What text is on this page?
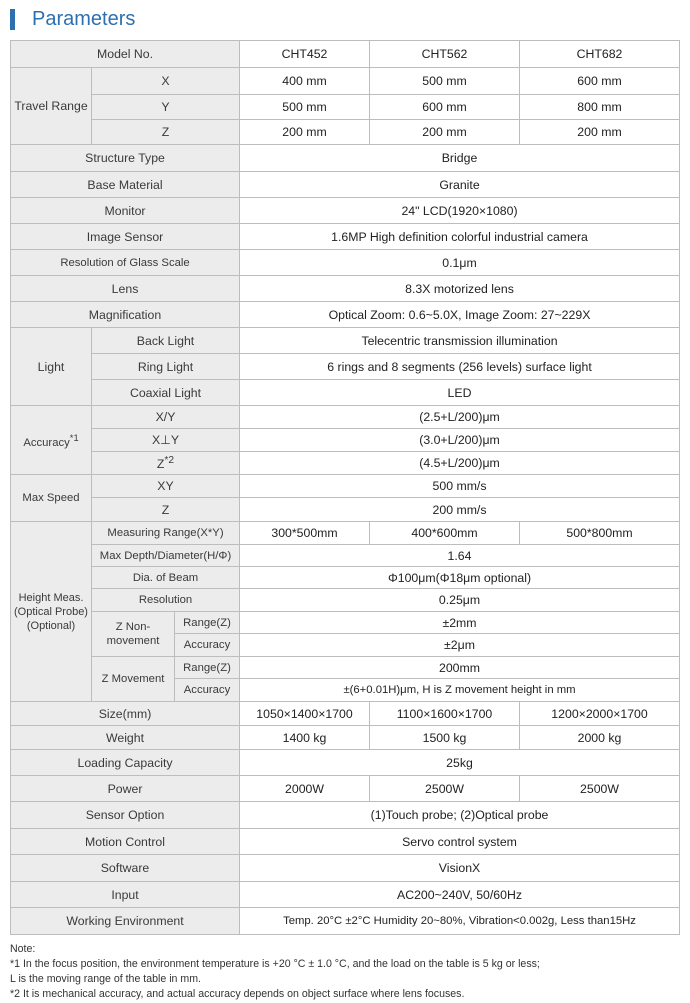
Parameters
Model No.			CHT452	CHT562	CHT682
Travel Range	X		400 mm	500 mm	600 mm
	Y		500 mm	600 mm	800 mm
	Z		200 mm	200 mm	200 mm
Structure Type			Bridge		
Base Material			Granite		
Monitor			24" LCD(1920×1080)		
Image Sensor			1.6MP High definition colorful industrial camera		
Resolution of Glass Scale			0.1μm		
Lens			8.3X motorized lens		
Magnification			Optical Zoom: 0.6~5.0X, Image Zoom: 27~229X		
Light	Back Light		Telecentric transmission illumination		
	Ring Light		6 rings and 8 segments (256 levels) surface light		
	Coaxial Light		LED		
Accuracy$^{*1}$	X/Y		(2.5+L/200)μm		
	X⊥Y		(3.0+L/200)μm		
	$Z^{*2}$		(4.5+L/200)μm		
Max Speed	XY		500 mm/s		
	Z		200 mm/s		
Height Meas. (Optical Probe) (Optional)	Measuring Range(X*Y)		300*500mm	400*600mm	500*800mm
	Max Depth/Diameter(H/Φ)		1.64		
	Dia. of Beam		Φ100μm(Φ18μm optional)		
	Resolution		0.25μm		
	Z Non-movement	Range(Z)	±2mm		
		Accuracy	±2μm		
	Z Movement	Range(Z)	200mm		
		Accuracy	±(6+0.01H)μm, H is Z movement height in mm		
Size(mm)			1050×1400×1700	1100×1600×1700	1200×2000×1700
Weight			1400 kg	1500 kg	2000 kg
Loading Capacity			25kg		
Power			2000W	2500W	2500W
Sensor Option			(1)Touch probe; (2)Optical probe		
Motion Control			Servo control system		
Software			VisionX		
Input			AC200~240V, 50/60Hz		
Working Environment			Temp. 20°C ±2°C Humidity 20~80%, Vibration<0.002g, Less than15Hz		
Note:
*1 In the focus position, the environment temperature is +20 °C ± 1.0 °C, and the load on the table is 5 kg or less;
L is the moving range of the table in mm.
*2 It is mechanical accuracy, and actual accuracy depends on object surface where lens focuses.
